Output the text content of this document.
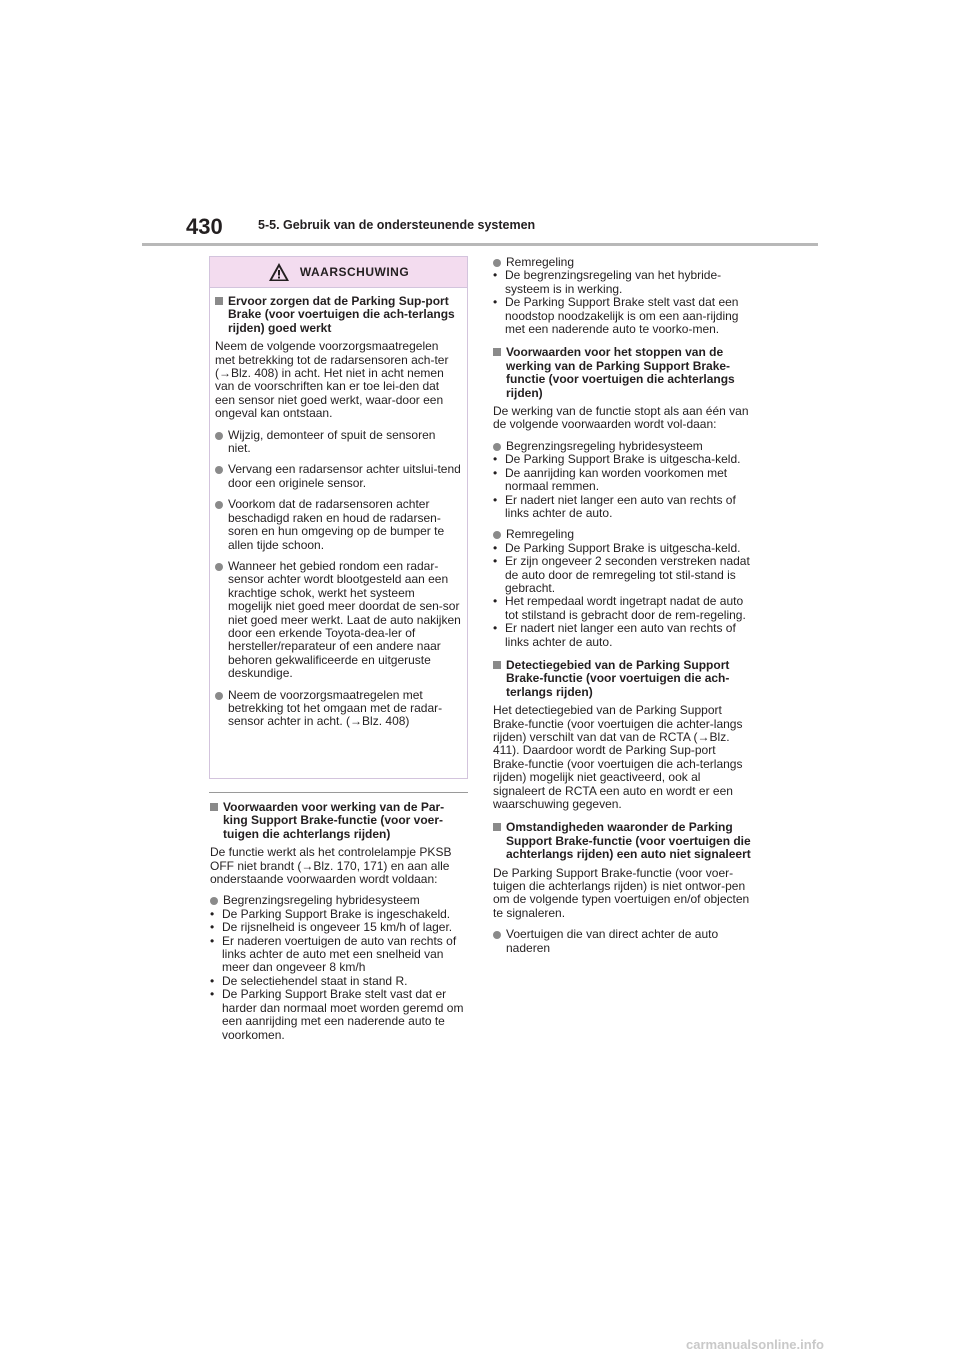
430	5-5. Gebruik van de ondersteunende systemen
WAARSCHUWING
Ervoor zorgen dat de Parking Sup-port Brake (voor voertuigen die ach-terlangs rijden) goed werkt

Neem de volgende voorzorgsmaatregelen met betrekking tot de radarsensoren ach-ter (→Blz. 408) in acht. Het niet in acht nemen van de voorschriften kan er toe lei-den dat een sensor niet goed werkt, waar-door een ongeval kan ontstaan.

Wijzig, demonteer of spuit de sensoren niet.
Vervang een radarsensor achter uitslui-tend door een originele sensor.
Voorkom dat de radarsensoren achter beschadigd raken en houd de radarsen-soren en hun omgeving op de bumper te allen tijde schoon.
Wanneer het gebied rondom een radar-sensor achter wordt blootgesteld aan een krachtige schok, werkt het systeem mogelijk niet goed meer doordat de sen-sor niet goed meer werkt. Laat de auto nakijken door een erkende Toyota-dea-ler of hersteller/reparateur of een andere naar behoren gekwalificeerde en uitgeruste deskundige.
Neem de voorzorgsmaatregelen met betrekking tot het omgaan met de radar-sensor achter in acht. (→Blz. 408)
Voorwaarden voor werking van de Par-king Support Brake-functie (voor voer-tuigen die achterlangs rijden)

De functie werkt als het controlelampje PKSB OFF niet brandt (→Blz. 170, 171) en aan alle onderstaande voorwaarden wordt voldaan:

Begrenzingsregeling hybridesysteem
• De Parking Support Brake is ingeschakeld.
• De rijsnelheid is ongeveer 15 km/h of lager.
• Er naderen voertuigen de auto van rechts of links achter de auto met een snelheid van meer dan ongeveer 8 km/h
• De selectiehendel staat in stand R.
• De Parking Support Brake stelt vast dat er harder dan normaal moet worden geremd om een aanrijding met een naderende auto te voorkomen.
Remregeling
• De begrenzingsregeling van het hybride-systeem is in werking.
• De Parking Support Brake stelt vast dat een noodstop noodzakelijk is om een aan-rijding met een naderende auto te voorko-men.
Voorwaarden voor het stoppen van de werking van de Parking Support Brake-functie (voor voertuigen die achterlangs rijden)

De werking van de functie stopt als aan één van de volgende voorwaarden wordt vol-daan:

Begrenzingsregeling hybridesysteem
• De Parking Support Brake is uitgescha-keld.
• De aanrijding kan worden voorkomen met normaal remmen.
• Er nadert niet langer een auto van rechts of links achter de auto.
Remregeling
• De Parking Support Brake is uitgescha-keld.
• Er zijn ongeveer 2 seconden verstreken nadat de auto door de remregeling tot stil-stand is gebracht.
• Het rempedaal wordt ingetrapt nadat de auto tot stilstand is gebracht door de rem-regeling.
• Er nadert niet langer een auto van rechts of links achter de auto.
Detectiegebied van de Parking Support Brake-functie (voor voertuigen die ach-terlangs rijden)

Het detectiegebied van de Parking Support Brake-functie (voor voertuigen die achter-langs rijden) verschilt van dat van de RCTA (→Blz. 411). Daardoor wordt de Parking Sup-port Brake-functie (voor voertuigen die ach-terlangs rijden) mogelijk niet geactiveerd, ook al signaleert de RCTA een auto en wordt er een waarschuwing gegeven.

Omstandigheden waaronder de Parking Support Brake-functie (voor voertuigen die achterlangs rijden) een auto niet signaleert

De Parking Support Brake-functie (voor voer-tuigen die achterlangs rijden) is niet ontwor-pen om de volgende typen voertuigen en/of objecten te signaleren.

Voertuigen die van direct achter de auto naderen
carmanualsonline.info
